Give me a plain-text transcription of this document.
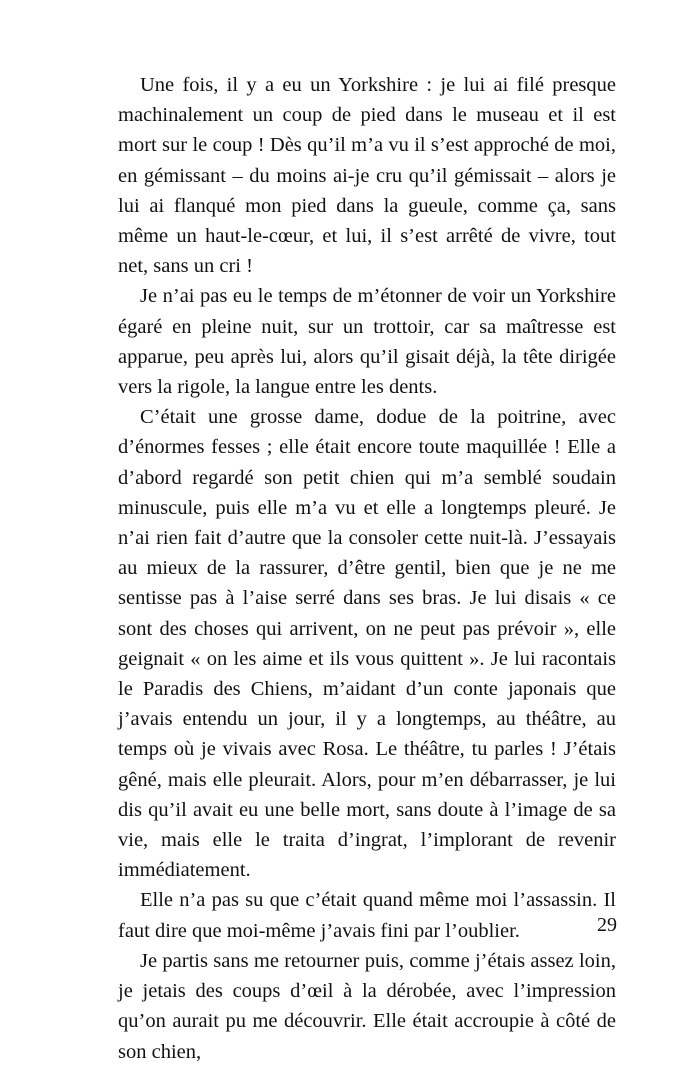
Une fois, il y a eu un Yorkshire : je lui ai filé presque machinalement un coup de pied dans le museau et il est mort sur le coup ! Dès qu’il m’a vu il s’est approché de moi, en gémissant – du moins ai-je cru qu’il gémissait – alors je lui ai flanqué mon pied dans la gueule, comme ça, sans même un haut-le-cœur, et lui, il s’est arrêté de vivre, tout net, sans un cri !

Je n’ai pas eu le temps de m’étonner de voir un Yorkshire égaré en pleine nuit, sur un trottoir, car sa maîtresse est apparue, peu après lui, alors qu’il gisait déjà, la tête dirigée vers la rigole, la langue entre les dents.

C’était une grosse dame, dodue de la poitrine, avec d’énormes fesses ; elle était encore toute maquillée ! Elle a d’abord regardé son petit chien qui m’a semblé soudain minuscule, puis elle m’a vu et elle a longtemps pleuré. Je n’ai rien fait d’autre que la consoler cette nuit-là. J’essayais au mieux de la rassurer, d’être gentil, bien que je ne me sentisse pas à l’aise serré dans ses bras. Je lui disais « ce sont des choses qui arrivent, on ne peut pas prévoir », elle geignait « on les aime et ils vous quittent ». Je lui racontais le Paradis des Chiens, m’aidant d’un conte japonais que j’avais entendu un jour, il y a longtemps, au théâtre, au temps où je vivais avec Rosa. Le théâtre, tu parles ! J’étais gêné, mais elle pleurait. Alors, pour m’en débarrasser, je lui dis qu’il avait eu une belle mort, sans doute à l’image de sa vie, mais elle le traita d’ingrat, l’implorant de revenir immédiatement.

Elle n’a pas su que c’était quand même moi l’assassin. Il faut dire que moi-même j’avais fini par l’oublier.

Je partis sans me retourner puis, comme j’étais assez loin, je jetais des coups d’œil à la dérobée, avec l’impression qu’on aurait pu me découvrir. Elle était accroupie à côté de son chien,

29
